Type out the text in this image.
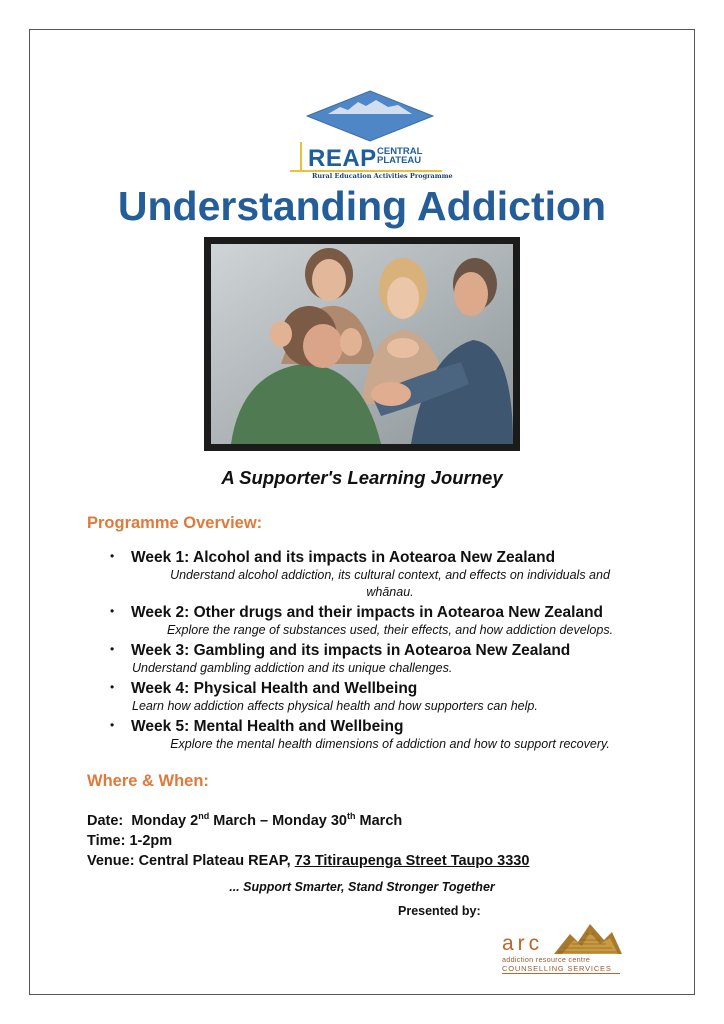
REAP CENTRAL
PLATEAU
Rural Education Activities Programme
Understanding Addiction
A Supporter's Learning Journey
Programme Overview:
• Week 1: Alcohol and its impacts in Aotearoa New Zealand
Understand alcohol addiction, its cultural context, and effects on individuals and
whānau.
• Week 2: Other drugs and their impacts in Aotearoa New Zealand
Explore the range of substances used, their effects, and how addiction develops.
• Week 3: Gambling and its impacts in Aotearoa New Zealand
Understand gambling addiction and its unique challenges.
• Week 4: Physical Health and Wellbeing
Learn how addiction affects physical health and how supporters can help.
• Week 5: Mental Health and Wellbeing
Explore the mental health dimensions of addiction and how to support recovery.
Where & When:
Date: Monday 2nd March – Monday 30th March
Time: 1-2pm
Venue: Central Plateau REAP, 73 Titiraupenga Street Taupo 3330
... Support Smarter, Stand Stronger Together
Presented by:
arc
addiction resource centre
COUNSELLING SERVICES
